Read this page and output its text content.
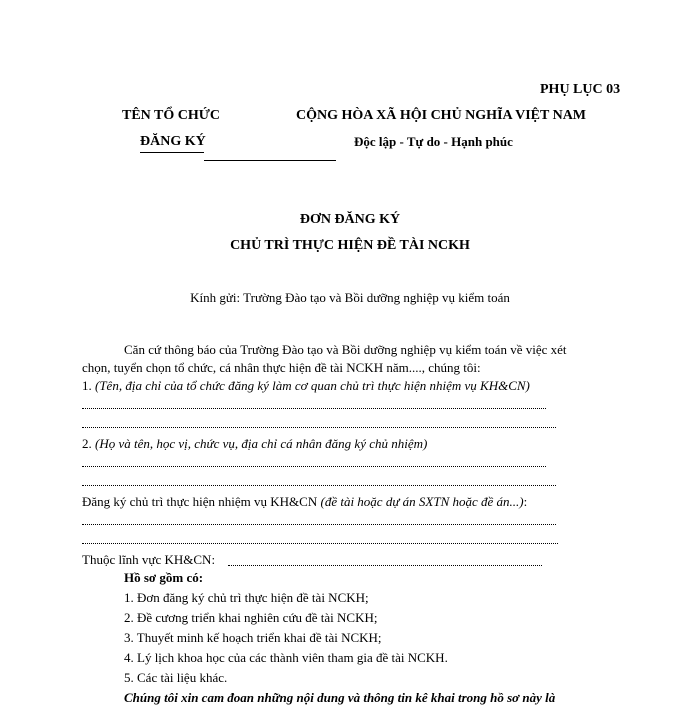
PHỤ LỤC 03
TÊN TỔ CHỨC
ĐĂNG KÝ
CỘNG HÒA XÃ HỘI CHỦ NGHĨA VIỆT NAM
Độc lập - Tự do - Hạnh phúc
ĐƠN ĐĂNG KÝ
CHỦ TRÌ THỰC HIỆN ĐỀ TÀI NCKH
Kính gửi: Trường Đào tạo và Bồi dưỡng nghiệp vụ kiểm toán
Căn cứ thông báo của Trường Đào tạo và Bồi dưỡng nghiệp vụ kiểm toán về việc xét
chọn, tuyển chọn tổ chức, cá nhân thực hiện đề tài NCKH năm...., chúng tôi:
1. (Tên, địa chỉ của tổ chức đăng ký làm cơ quan chủ trì thực hiện nhiệm vụ KH&CN)
2. (Họ và tên, học vị, chức vụ, địa chỉ cá nhân đăng ký chủ nhiệm)
Đăng ký chủ trì thực hiện nhiệm vụ KH&CN (đề tài hoặc dự án SXTN hoặc đề án...):
Thuộc lĩnh vực KH&CN:
Hồ sơ gồm có:
1. Đơn đăng ký chủ trì thực hiện đề tài NCKH;
2. Đề cương triển khai nghiên cứu đề tài NCKH;
3. Thuyết minh kế hoạch triển khai đề tài NCKH;
4. Lý lịch khoa học của các thành viên tham gia đề tài NCKH.
5. Các tài liệu khác.
Chúng tôi xin cam đoan những nội dung và thông tin kê khai trong hồ sơ này là
